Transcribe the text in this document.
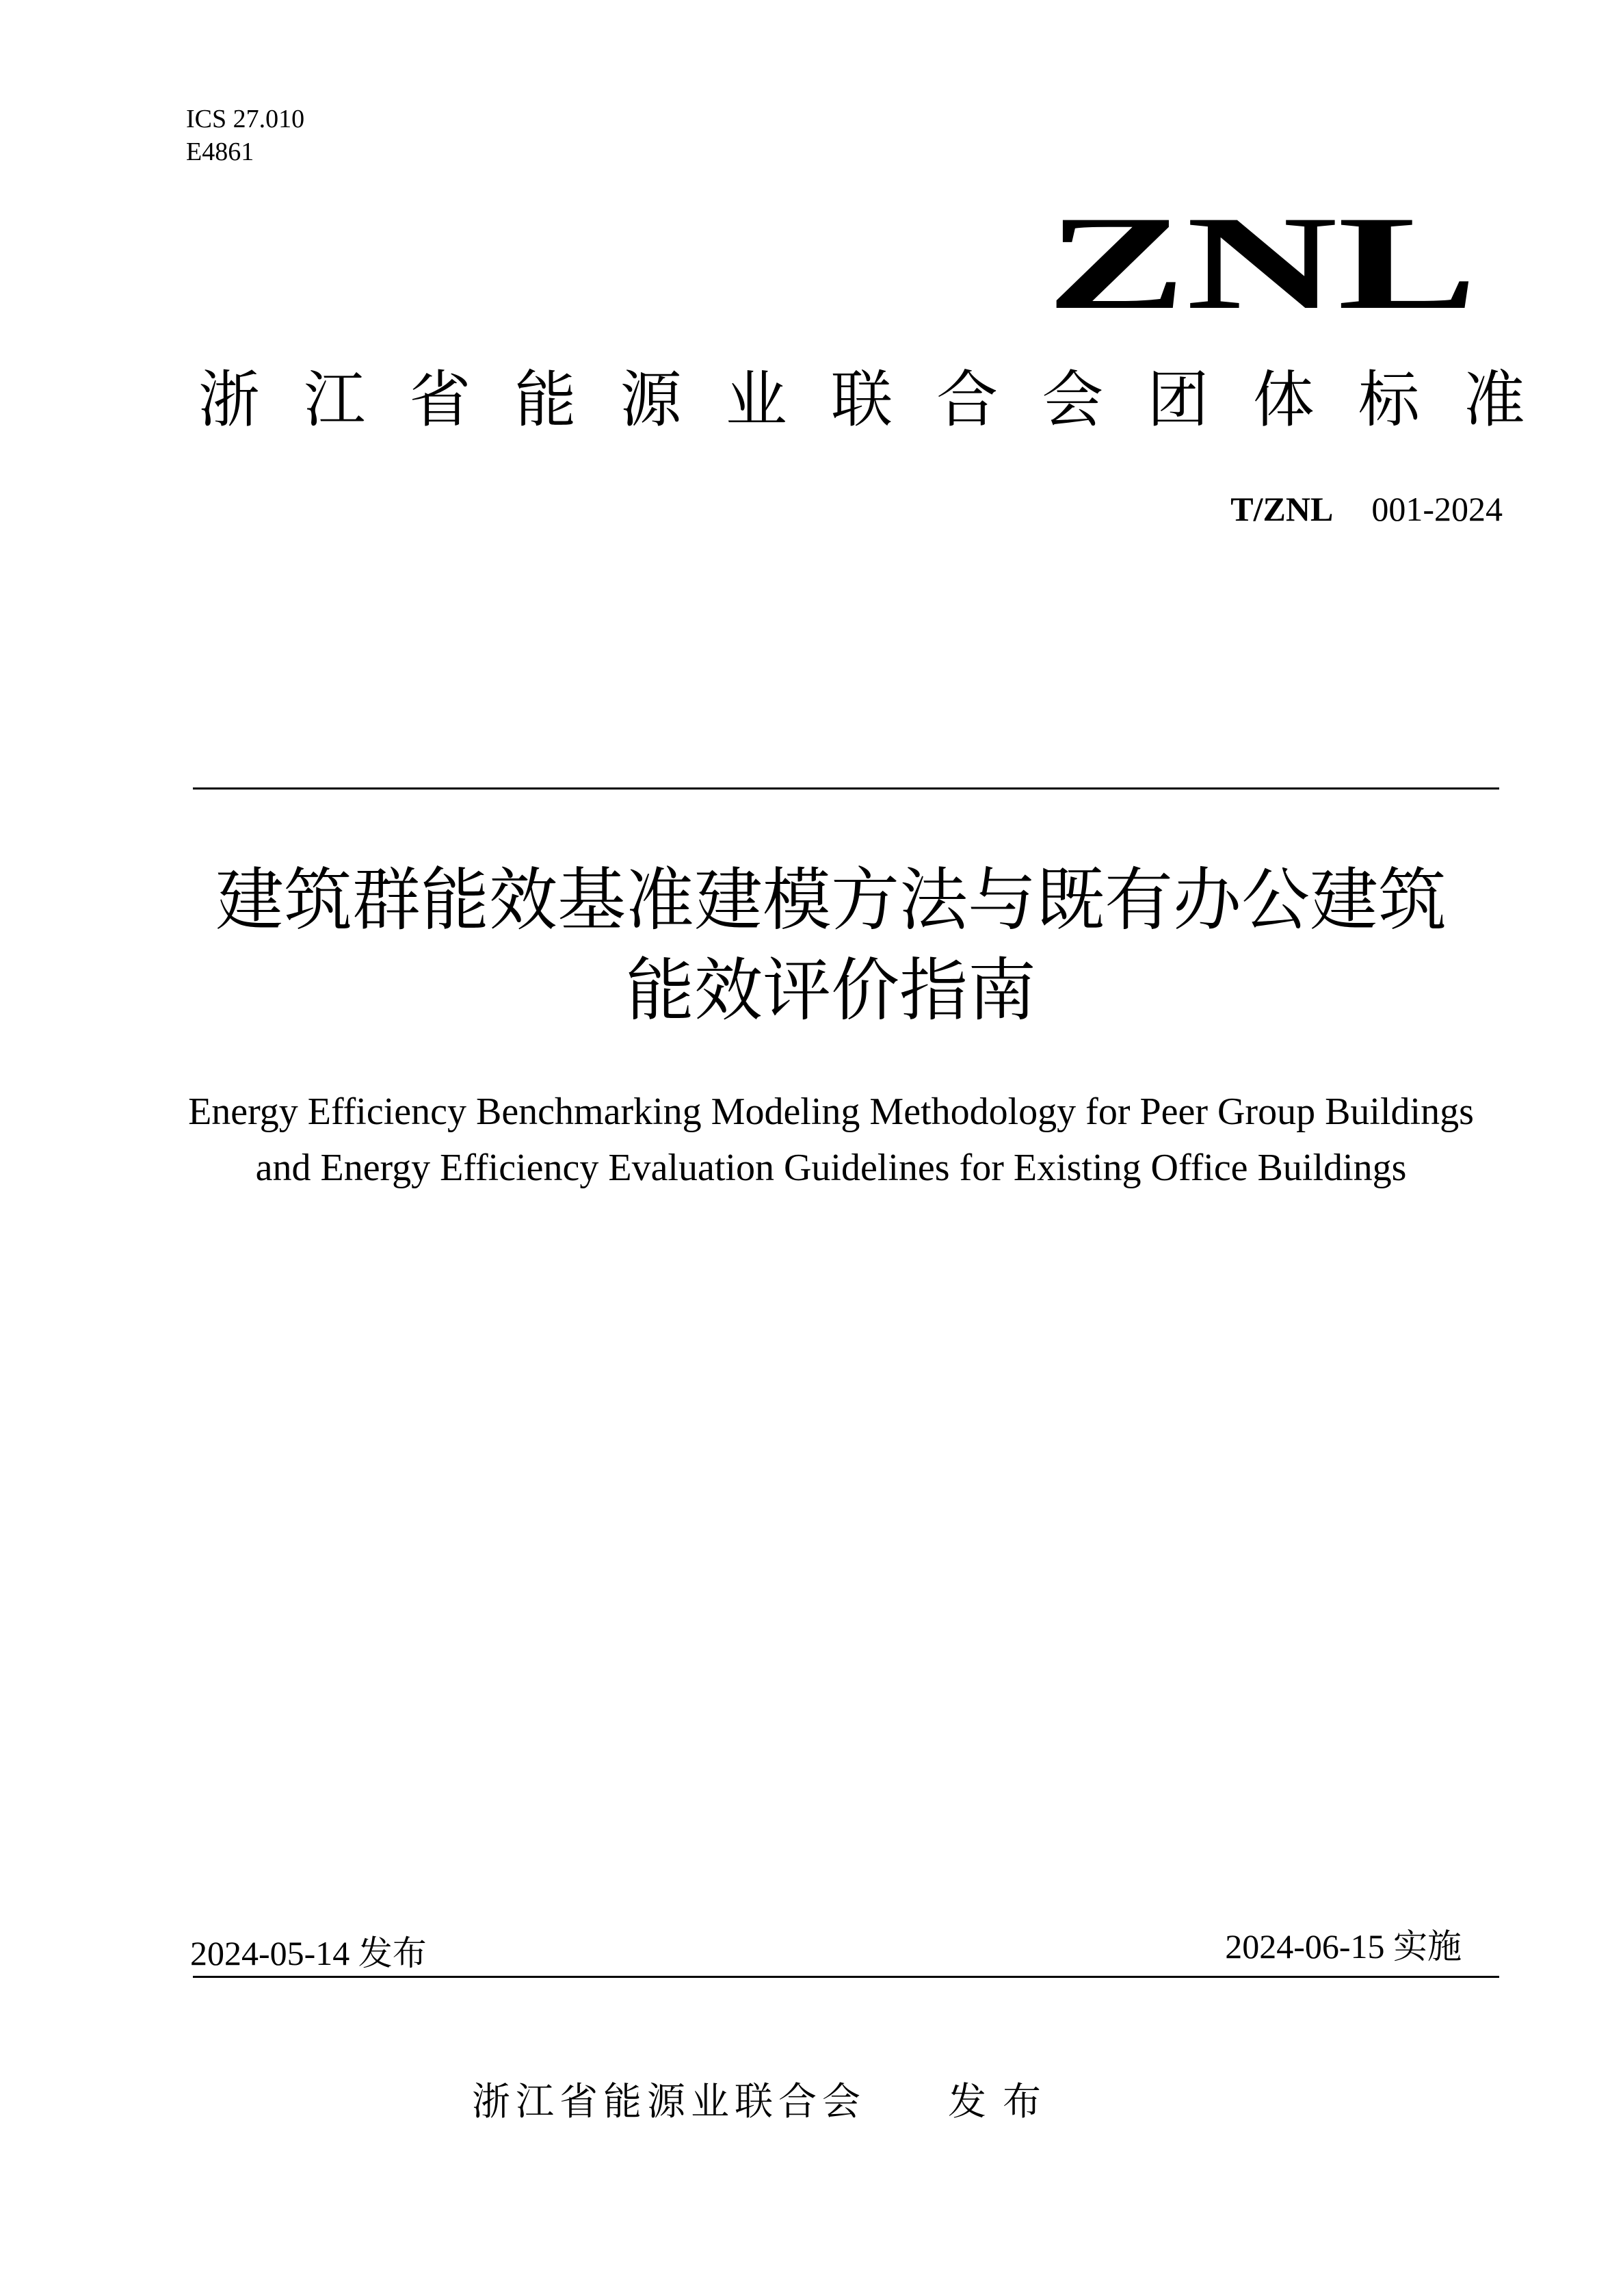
ICS 27.010
E4861
ZNL
浙 江 省 能 源 业 联 合 会 团 体 标 准
T/ZNL 001-2024
建筑群能效基准建模方法与既有办公建筑
能效评价指南
Energy Efficiency Benchmarking Modeling Methodology for Peer Group Buildings
and Energy Efficiency Evaluation Guidelines for Existing Office Buildings
2024-05-14 发布	2024-06-15 实施
浙江省能源业联合会 发布
